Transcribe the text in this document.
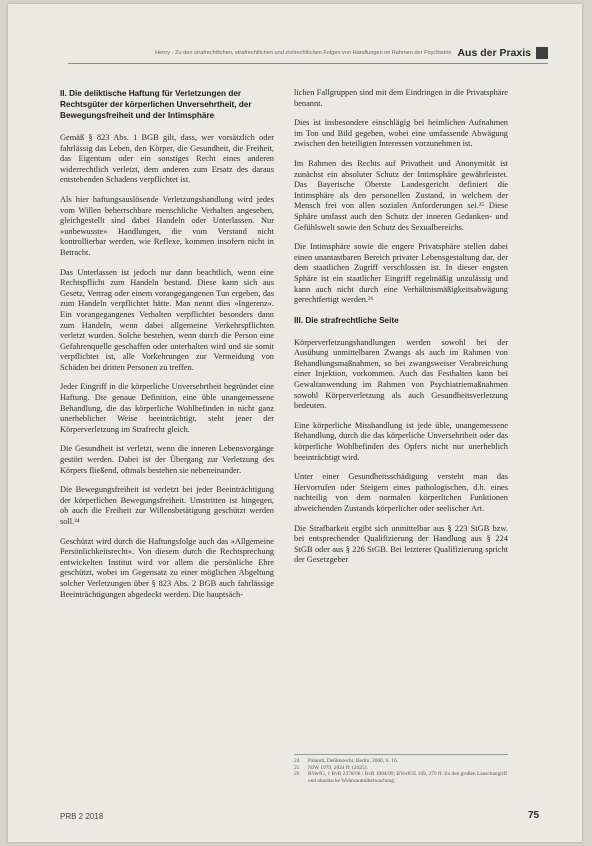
Henry · Zu den strafrechtlichen, strafrechtlichen und zivilrechtlichen Folgen von Handlungen im Rahmen der Psychiatrie Aus der Praxis
II. Die deliktische Haftung für Verletzungen der Rechtsgüter der körperlichen Unversehrtheit, der Bewegungsfreiheit und der Intimsphäre

Gemäß § 823 Abs. 1 BGB gilt, dass, wer vorsätzlich oder fahrlässig das Leben, den Körper, die Gesundheit, die Freiheit, das Eigentum oder ein sonstiges Recht eines anderen widerrechtlich verletzt, dem anderen zum Ersatz des daraus entstehenden Schadens verpflichtet ist.

Als hier haftungsauslösende Verletzungshandlung wird jedes vom Willen beherrschbare menschliche Verhalten angesehen, gleichgestellt sind dabei Handeln oder Unterlassen. Nur »unbewusste« Handlungen, die vom Verstand nicht kontrollierbar werden, wie Reflexe, kommen insofern nicht in Betracht.

Das Unterlassen ist jedoch nur dann beachtlich, wenn eine Rechtspflicht zum Handeln bestand. Diese kann sich aus Gesetz, Vertrag oder einem vorangegangenen Tun ergeben, das zum Handeln verpflichtet hätte. Man nennt dies »Ingerenz«. Ein vorangegangenes Verhalten verpflichtet besonders dann zum Handeln, wenn dabei allgemeine Verkehrspflichten verletzt wurden. Solche bestehen, wenn durch die Person eine Gefahrenquelle geschaffen oder unterhalten wird und sie somit verpflichtet ist, alle Vorkehrungen zur Vermeidung von Schäden bei dritten Personen zu treffen.

Jeder Eingriff in die körperliche Unversehrtheit begründet eine Haftung. Die genaue Definition, eine üble unangemessene Behandlung, die das körperliche Wohlbefinden in nicht ganz unerheblicher Weise beeinträchtigt, steht jener der Körperverletzung im Strafrecht gleich.

Die Gesundheit ist verletzt, wenn die inneren Lebensvorgänge gestört werden. Dabei ist der Übergang zur Verletzung des Körpers fließend, oftmals bestehen sie nebeneinander.

Die Bewegungsfreiheit ist verletzt bei jeder Beeinträchtigung der körperlichen Bewegungsfreiheit. Umstritten ist hingegen, ob auch die Freiheit zur Willensbetätigung geschützt werden soll.²⁴

Geschützt wird durch die Haftungsfolge auch das »Allgemeine Persönlichkeitsrecht«. Von diesem durch die Rechtsprechung entwickelten Institut wird vor allem die persönliche Ehre geschützt, wobei im Gegensatz zu einer möglichen Abgeltung solcher Verletzungen über § 823 Abs. 2 BGB auch fahrlässige Beeinträchtigungen abgedeckt werden. Die hauptsäch-

lichen Fallgruppen sind mit dem Eindringen in die Privatsphäre benannt.

Dies ist insbesondere einschlägig bei heimlichen Aufnahmen im Ton und Bild gegeben, wobei eine umfassende Abwägung zwischen den beteiligten Interessen vorzunehmen ist.

Im Rahmen des Rechts auf Privatheit und Anonymität ist zunächst ein absoluter Schutz der Intimsphäre gewährleistet. Das Bayerische Oberste Landesgericht definiert die Intimsphäre als den personellen Zustand, in welchem der Mensch frei von allen sozialen Anforderungen sei.²⁵ Diese Sphäre umfasst auch den Schutz der inneren Gedanken- und Gefühlswelt sowie den Schutz des Sexualbereichs.

Die Intimsphäre sowie die engere Privatsphäre stellen dabei einen unantastbaren Bereich privater Lebensgestaltung dar, der dem staatlichen Zugriff verschlossen ist. In dieser engsten Sphäre ist ein staatlicher Eingriff regelmäßig unzulässig und kann auch nicht durch eine Verhältnismäßigkeitsabwägung gerechtfertigt werden.²⁶

III. Die strafrechtliche Seite

Körperverletzungshandlungen werden sowohl bei der Ausübung unmittelbaren Zwangs als auch im Rahmen von Behandlungsmaßnahmen, so bei zwangsweiser Verabreichung einer Injektion, vorkommen. Auch das Festhalten kann bei Gewaltanwendung im Rahmen von Psychiatriemaßnahmen sowohl Körperverletzung als auch Gesundheitsverletzung bedeuten.

Eine körperliche Misshandlung ist jede üble, unangemessene Behandlung, durch die das körperliche Unversehrtheit oder das körperliche Wohlbefinden des Opfers nicht nur unerheblich beeinträchtigt wird.

Unter einer Gesundheitsschädigung versteht man das Hervorrufen oder Steigern eines pathologischen, d.h. eines nachteilig von dem normalen körperlichen Funktionen abweichenden Zustands körperlicher oder seelischer Art.

Die Strafbarkeit ergibt sich unmittelbar aus § 223 StGB bzw. bei entsprechender Qualifizierung der Handlung aus § 224 StGB oder aus § 226 StGB. Bei letzterer Qualifizierung spricht der Gesetzgeber

24	Palandt, Deliktsrecht, Berlin, 2000, S. 16.
25	NJW 1979, 2024 ff. (2025).
26	BVerfG, 1 BvR 2378/98 / BvR 1084/99; BVerfGE 109, 279 ff. Zu den großen Lauschangriff und akustische Wohnraumüberwachung.
PRB 2 2018	75
